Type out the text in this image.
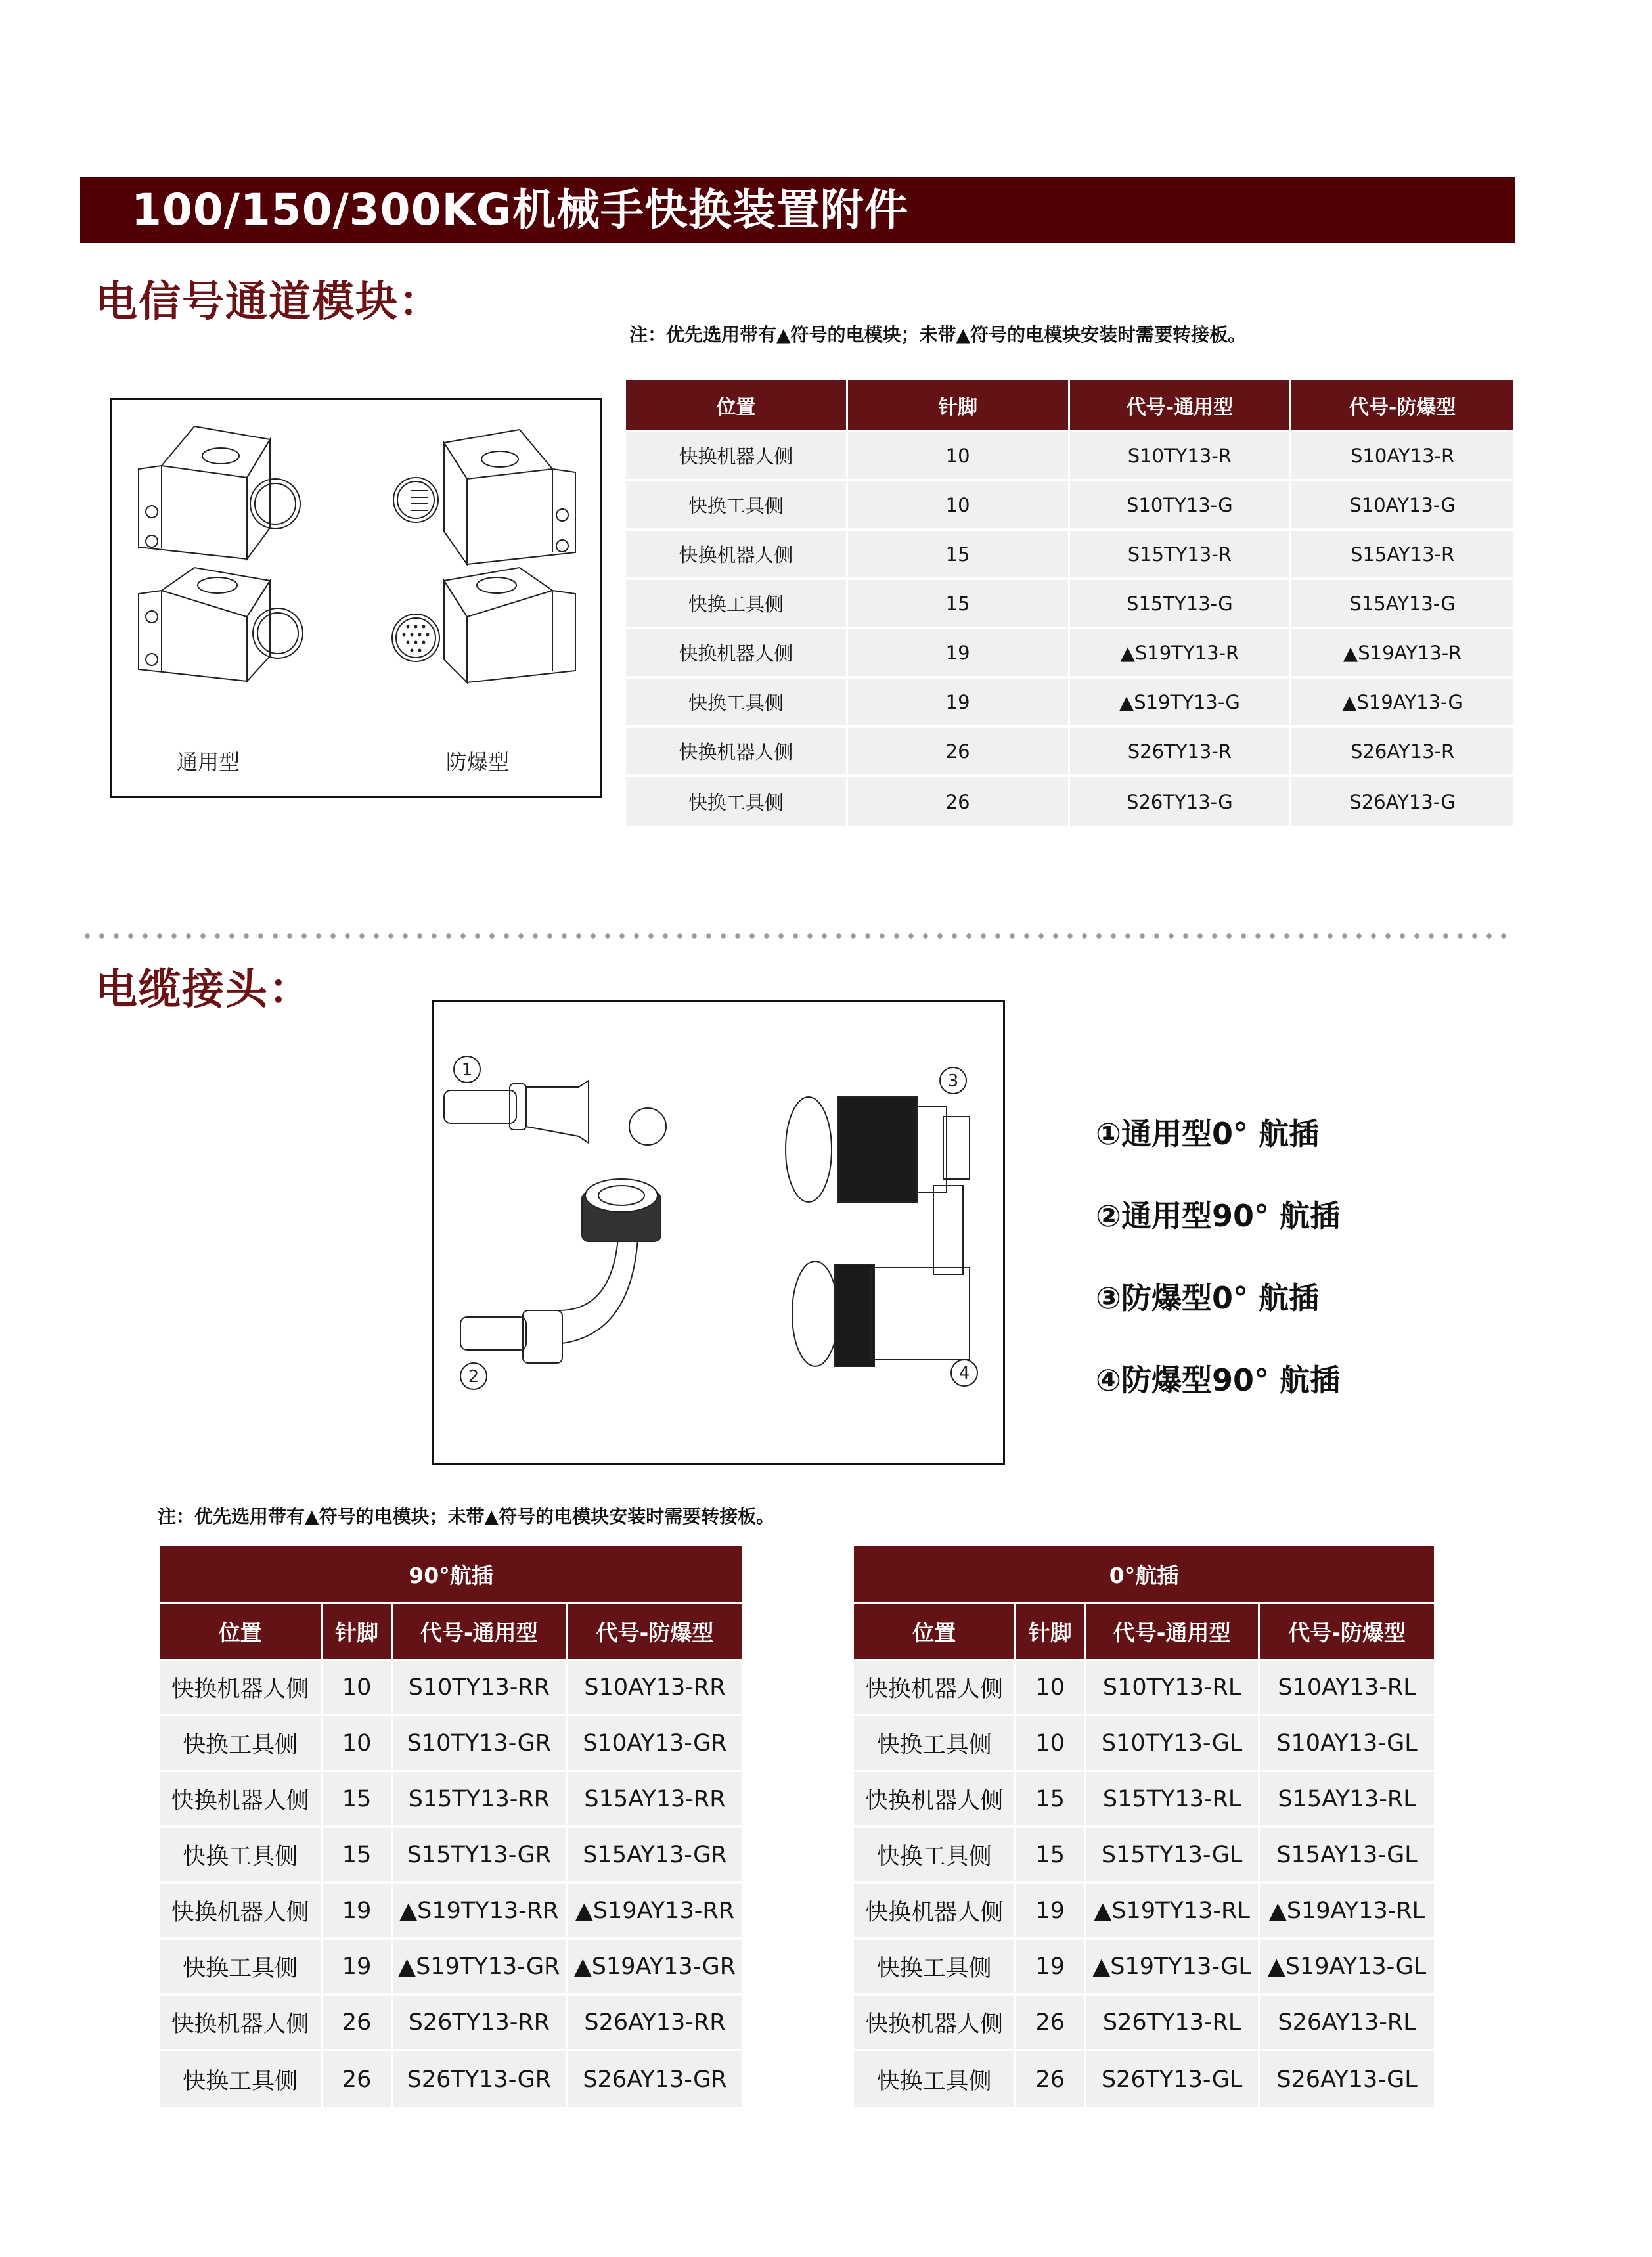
100/150/300KG机械手快换装置附件
电信号通道模块：
注：优先选用带有▲符号的电模块；未带▲符号的电模块安装时需要转接板。
通用型	防爆型
位置	针脚	代号-通用型	代号-防爆型
快换机器人侧	10	S10TY13-R	S10AY13-R
快换工具侧	10	S10TY13-G	S10AY13-G
快换机器人侧	15	S15TY13-R	S15AY13-R
快换工具侧	15	S15TY13-G	S15AY13-G
快换机器人侧	19	▲S19TY13-R	▲S19AY13-R
快换工具侧	19	▲S19TY13-G	▲S19AY13-G
快换机器人侧	26	S26TY13-R	S26AY13-R
快换工具侧	26	S26TY13-G	S26AY13-G
电缆接头：
1
2
3
4
①通用型0° 航插
②通用型90° 航插
③防爆型0° 航插
④防爆型90° 航插
注：优先选用带有▲符号的电模块；未带▲符号的电模块安装时需要转接板。
90°航插			
位置	针脚	代号-通用型	代号-防爆型
快换机器人侧	10	S10TY13-RR	S10AY13-RR
快换工具侧	10	S10TY13-GR	S10AY13-GR
快换机器人侧	15	S15TY13-RR	S15AY13-RR
快换工具侧	15	S15TY13-GR	S15AY13-GR
快换机器人侧	19	▲S19TY13-RR	▲S19AY13-RR
快换工具侧	19	▲S19TY13-GR	▲S19AY13-GR
快换机器人侧	26	S26TY13-RR	S26AY13-RR
快换工具侧	26	S26TY13-GR	S26AY13-GR
0°航插			
位置	针脚	代号-通用型	代号-防爆型
快换机器人侧	10	S10TY13-RL	S10AY13-RL
快换工具侧	10	S10TY13-GL	S10AY13-GL
快换机器人侧	15	S15TY13-RL	S15AY13-RL
快换工具侧	15	S15TY13-GL	S15AY13-GL
快换机器人侧	19	▲S19TY13-RL	▲S19AY13-RL
快换工具侧	19	▲S19TY13-GL	▲S19AY13-GL
快换机器人侧	26	S26TY13-RL	S26AY13-RL
快换工具侧	26	S26TY13-GL	S26AY13-GL
